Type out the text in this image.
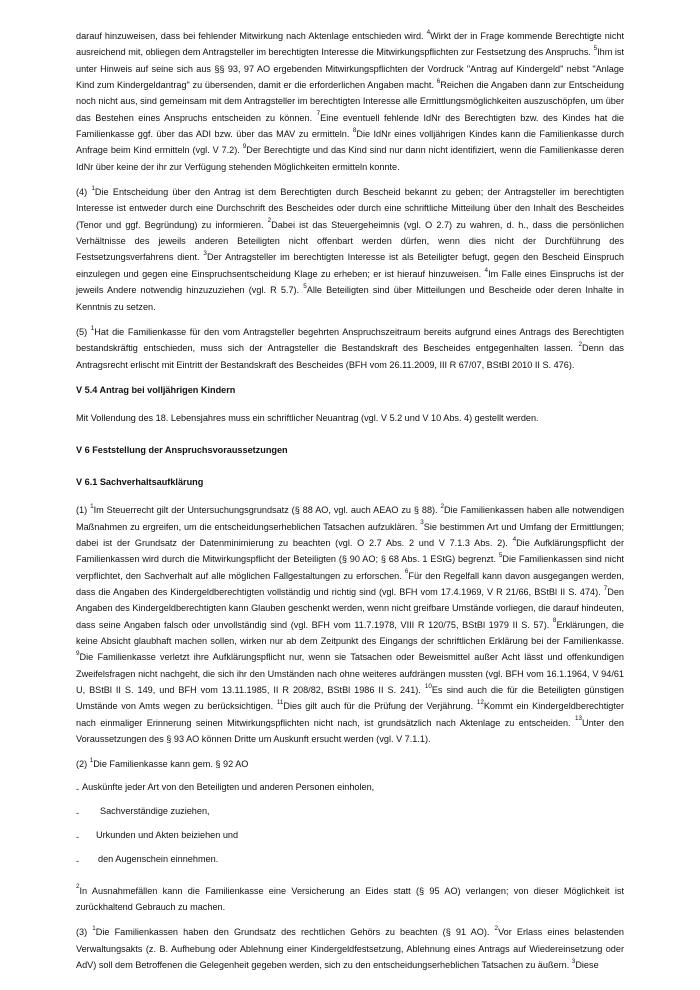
darauf hinzuweisen, dass bei fehlender Mitwirkung nach Aktenlage entschieden wird. $^4$Wirkt der in Frage kommende Berechtigte nicht ausreichend mit, obliegen dem Antragsteller im berechtigten Interesse die Mitwirkungspflichten zur Festsetzung des Anspruchs. $^5$Ihm ist unter Hinweis auf seine sich aus §§ 93, 97 AO ergebenden Mitwirkungspflichten der Vordruck "Antrag auf Kindergeld" nebst "Anlage Kind zum Kindergeldantrag" zu übersenden, damit er die erforderlichen Angaben macht. $^6$Reichen die Angaben dann zur Entscheidung noch nicht aus, sind gemeinsam mit dem Antragsteller im berechtigten Interesse alle Ermittlungsmöglichkeiten auszuschöpfen, um über das Bestehen eines Anspruchs entscheiden zu können. $^7$Eine eventuell fehlende IdNr des Berechtigten bzw. des Kindes hat die Familienkasse ggf. über das ADI bzw. über das MAV zu ermitteln. $^8$Die IdNr eines volljährigen Kindes kann die Familienkasse durch Anfrage beim Kind ermitteln (vgl. V 7.2). $^9$Der Berechtigte und das Kind sind nur dann nicht identifiziert, wenn die Familienkasse deren IdNr über keine der ihr zur Verfügung stehenden Möglichkeiten ermitteln konnte.

(4) $^1$Die Entscheidung über den Antrag ist dem Berechtigten durch Bescheid bekannt zu geben; der Antragsteller im berechtigten Interesse ist entweder durch eine Durchschrift des Bescheides oder durch eine schriftliche Mitteilung über den Inhalt des Bescheides (Tenor und ggf. Begründung) zu informieren. $^2$Dabei ist das Steuergeheimnis (vgl. O 2.7) zu wahren, d. h., dass die persönlichen Verhältnisse des jeweils anderen Beteiligten nicht offenbart werden dürfen, wenn dies nicht der Durchführung des Festsetzungsverfahrens dient. $^3$Der Antragsteller im berechtigten Interesse ist als Beteiligter befugt, gegen den Bescheid Einspruch einzulegen und gegen eine Einspruchsentscheidung Klage zu erheben; er ist hierauf hinzuweisen. $^4$Im Falle eines Einspruchs ist der jeweils Andere notwendig hinzuzuziehen (vgl. R 5.7). $^5$Alle Beteiligten sind über Mitteilungen und Bescheide oder deren Inhalte in Kenntnis zu setzen.

(5) $^1$Hat die Familienkasse für den vom Antragsteller begehrten Anspruchszeitraum bereits aufgrund eines Antrags des Berechtigten bestandskräftig entschieden, muss sich der Antragsteller die Bestandskraft des Bescheides entgegenhalten lassen. $^2$Denn das Antragsrecht erlischt mit Eintritt der Bestandskraft des Bescheides (BFH vom 26.11.2009, III R 67/07, BStBl 2010 II S. 476).

V 5.4 Antrag bei volljährigen Kindern

Mit Vollendung des 18. Lebensjahres muss ein schriftlicher Neuantrag (vgl. V 5.2 und V 10 Abs. 4) gestellt werden.

V 6 Feststellung der Anspruchsvoraussetzungen
V 6.1 Sachverhaltsaufklärung

(1) $^1$Im Steuerrecht gilt der Untersuchungsgrundsatz (§ 88 AO, vgl. auch AEAO zu § 88). $^2$Die Familienkassen haben alle notwendigen Maßnahmen zu ergreifen, um die entscheidungserheblichen Tatsachen aufzuklären. $^3$Sie bestimmen Art und Umfang der Ermittlungen; dabei ist der Grundsatz der Datenminimierung zu beachten (vgl. O 2.7 Abs. 2 und V 7.1.3 Abs. 2). $^4$Die Aufklärungspflicht der Familienkassen wird durch die Mitwirkungspflicht der Beteiligten (§ 90 AO; § 68 Abs. 1 EStG) begrenzt. $^5$Die Familienkassen sind nicht verpflichtet, den Sachverhalt auf alle möglichen Fallgestaltungen zu erforschen. $^6$Für den Regelfall kann davon ausgegangen werden, dass die Angaben des Kindergeldberechtigten vollständig und richtig sind (vgl. BFH vom 17.4.1969, V R 21/66, BStBl II S. 474). $^7$Den Angaben des Kindergeldberechtigten kann Glauben geschenkt werden, wenn nicht greifbare Umstände vorliegen, die darauf hindeuten, dass seine Angaben falsch oder unvollständig sind (vgl. BFH vom 11.7.1978, VIII R 120/75, BStBl 1979 II S. 57). $^8$Erklärungen, die keine Absicht glaubhaft machen sollen, wirken nur ab dem Zeitpunkt des Eingangs der schriftlichen Erklärung bei der Familienkasse. $^9$Die Familienkasse verletzt ihre Aufklärungspflicht nur, wenn sie Tatsachen oder Beweismittel außer Acht lässt und offenkundigen Zweifelsfragen nicht nachgeht, die sich ihr den Umständen nach ohne weiteres aufdrängen mussten (vgl. BFH vom 16.1.1964, V 94/61 U, BStBl II S. 149, und BFH vom 13.11.1985, II R 208/82, BStBl 1986 II S. 241). $^{10}$Es sind auch die für die Beteiligten günstigen Umstände von Amts wegen zu berücksichtigen. $^{11}$Dies gilt auch für die Prüfung der Verjährung. $^{12}$Kommt ein Kindergeldberechtigter nach einmaliger Erinnerung seinen Mitwirkungspflichten nicht nach, ist grundsätzlich nach Aktenlage zu entscheiden. $^{13}$Unter den Voraussetzungen des § 93 AO können Dritte um Auskunft ersucht werden (vgl. V 7.1.1).

(2) $^1$Die Familienkasse kann gem. § 92 AO

- Auskünfte jeder Art von den Beteiligten und anderen Personen einholen,
- Sachverständige zuziehen,
- Urkunden und Akten beiziehen und
- den Augenschein einnehmen.

$^2$In Ausnahmefällen kann die Familienkasse eine Versicherung an Eides statt (§ 95 AO) verlangen; von dieser Möglichkeit ist zurückhaltend Gebrauch zu machen.

(3) $^1$Die Familienkassen haben den Grundsatz des rechtlichen Gehörs zu beachten (§ 91 AO). $^2$Vor Erlass eines belastenden Verwaltungsakts (z. B. Aufhebung oder Ablehnung einer Kindergeldfestsetzung, Ablehnung eines Antrags auf Wiedereinsetzung oder AdV) soll dem Betroffenen die Gelegenheit gegeben werden, sich zu den entscheidungserheblichen Tatsachen zu äußern. $^3$Diese
